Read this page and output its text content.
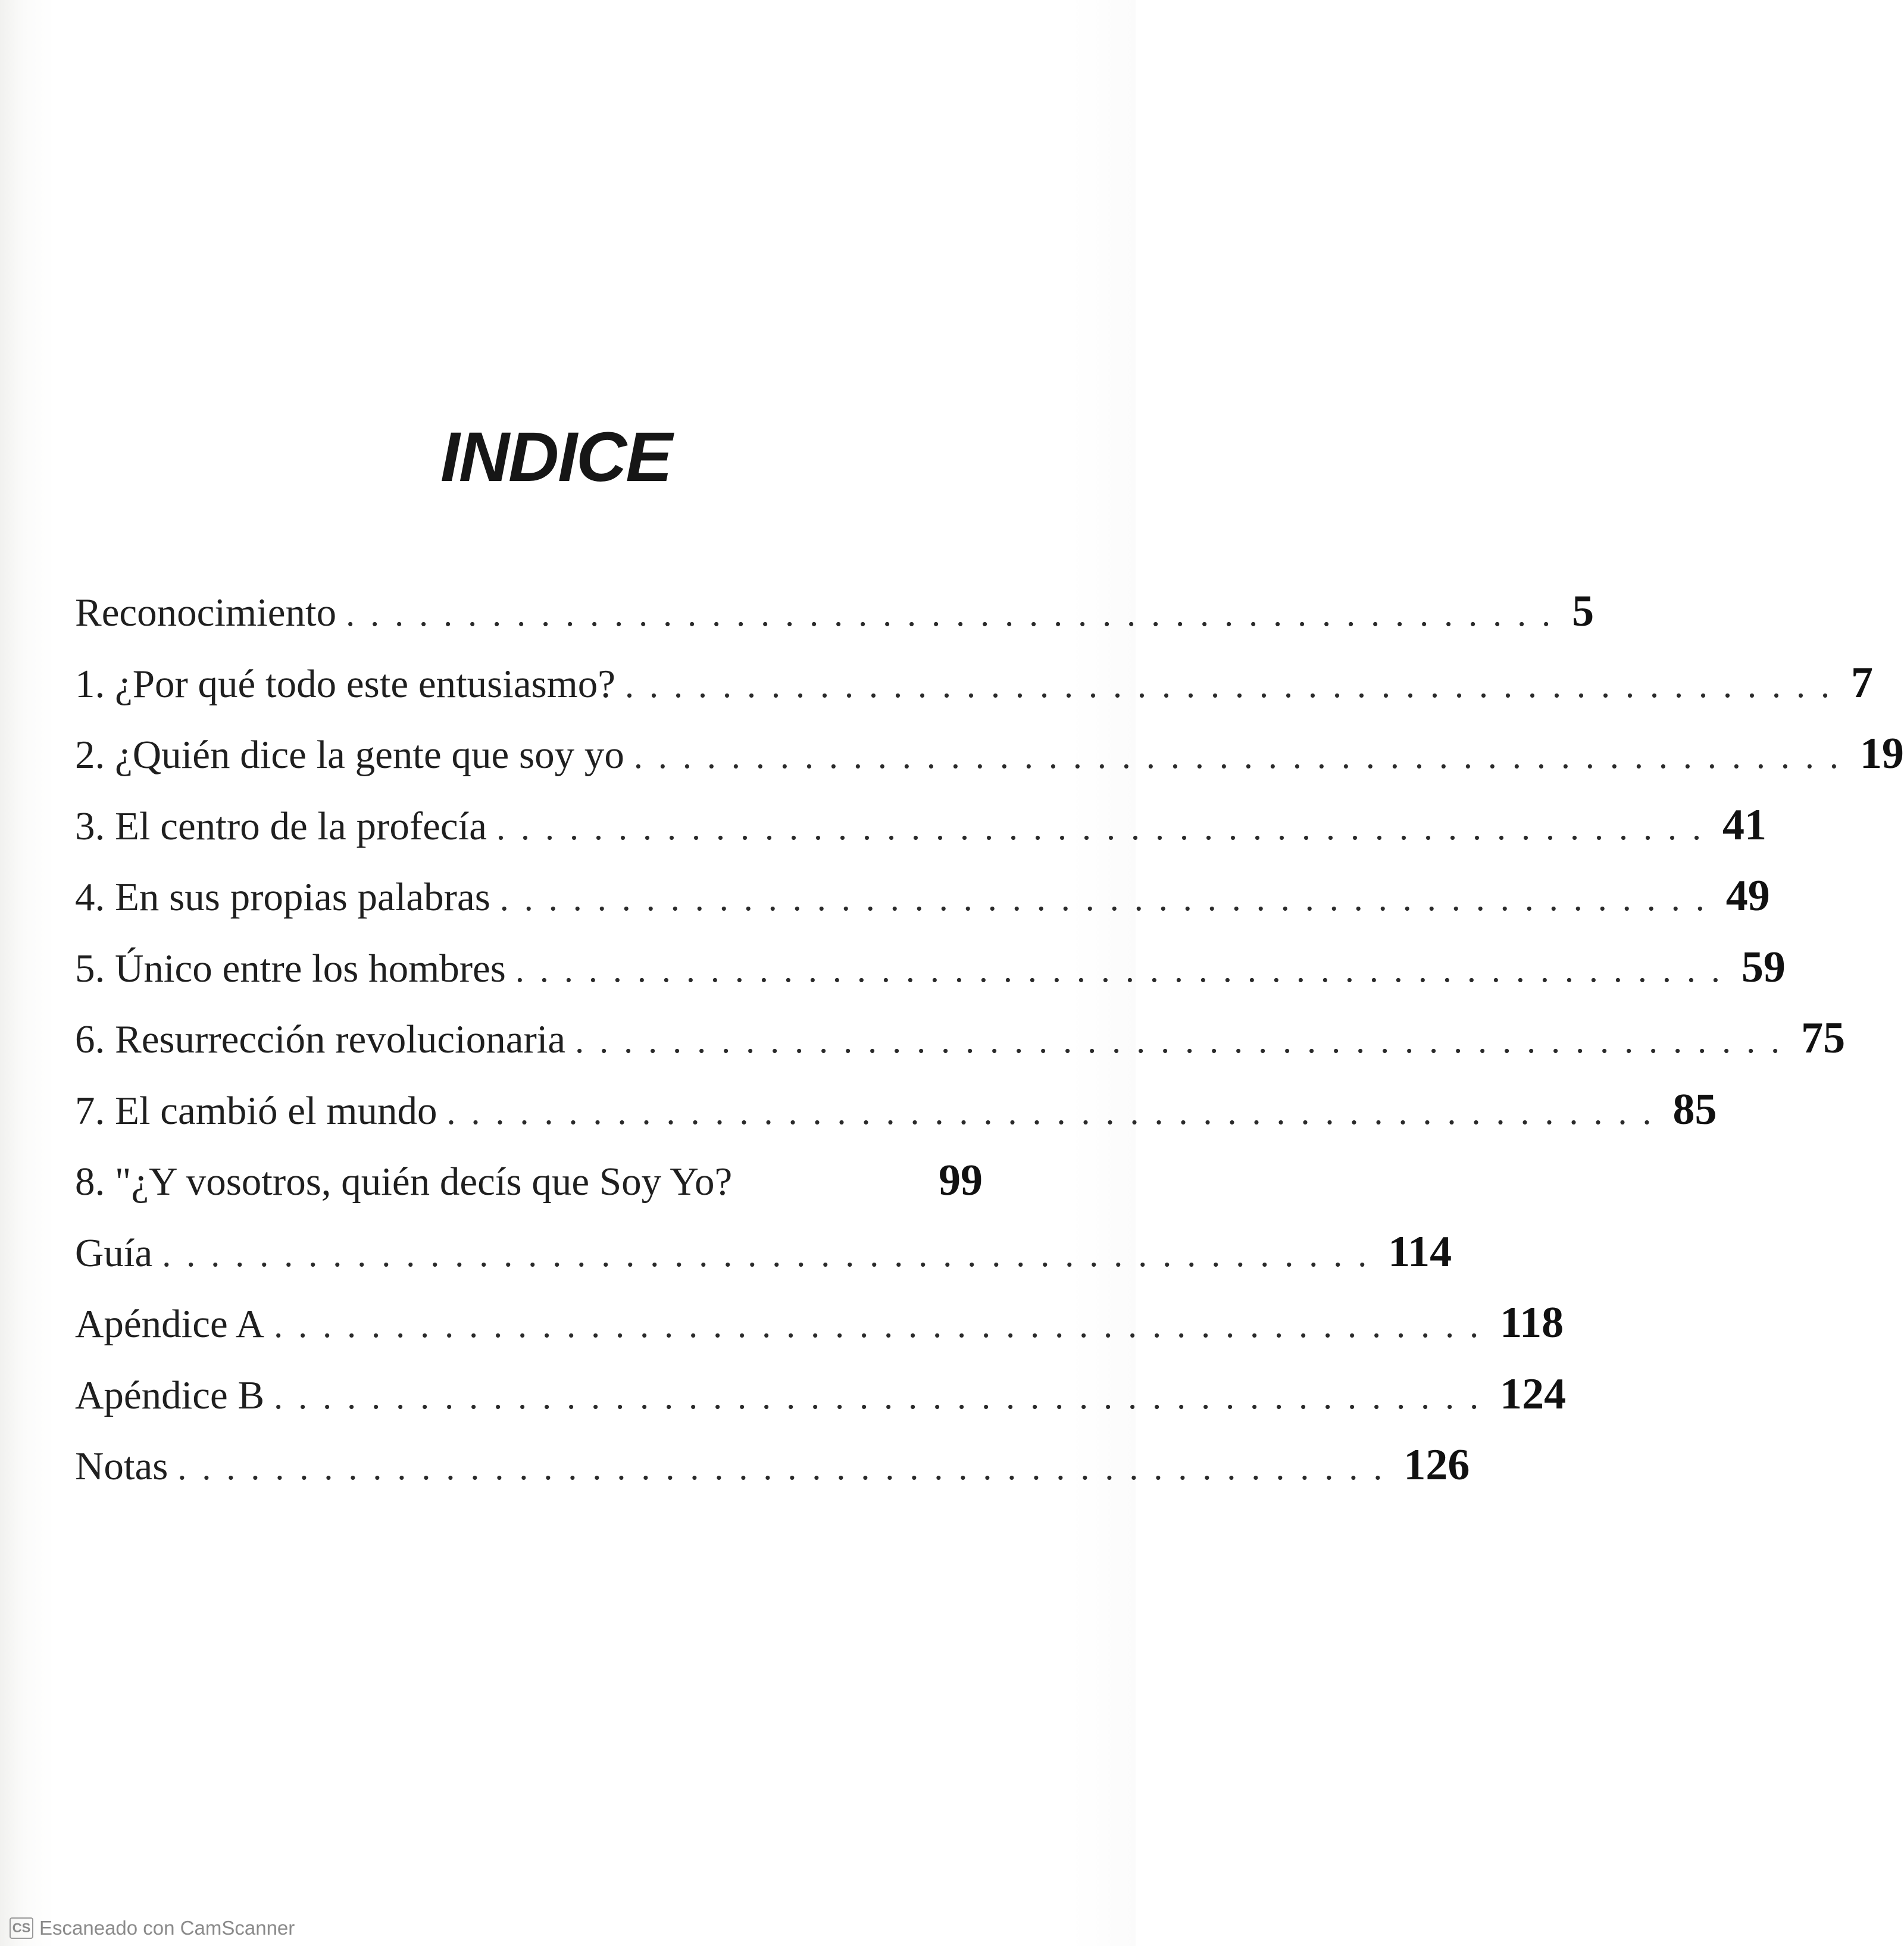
INDICE
Reconocimiento .................................................. 5
1. ¿Por qué todo este entusiasmo? .................................................. 7
2. ¿Quién dice la gente que soy yo .................................................. 19
3. El centro de la profecía .................................................. 41
4. En sus propias palabras .................................................. 49
5. Único entre los hombres .................................................. 59
6. Resurrección revolucionaria .................................................. 75
7. El cambió el mundo .................................................. 85
8. "¿Y vosotros, quién decís que Soy Yo?	99
Guía .................................................. 114
Apéndice A .................................................. 118
Apéndice B .................................................. 124
Notas .................................................. 126
CS Escaneado con CamScanner
